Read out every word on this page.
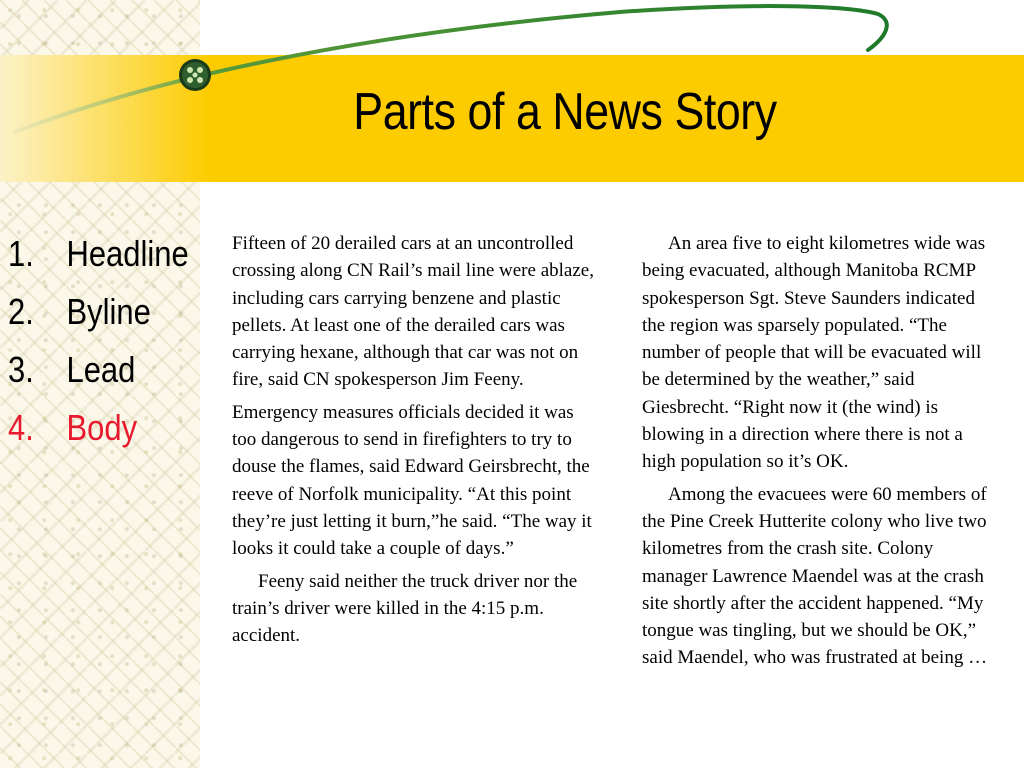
Parts of a News Story
1. Headline
2. Byline
3. Lead
4. Body

Fifteen of 20 derailed cars at an uncontrolled crossing along CN Rail’s mail line were ablaze, including cars carrying benzene and plastic pellets. At least one of the derailed cars was carrying hexane, although that car was not on fire, said CN spokesperson Jim Feeny.

Emergency measures officials decided it was too dangerous to send in firefighters to try to douse the flames, said Edward Geirsbrecht, the reeve of Norfolk municipality. “At this point they’re just letting it burn,”he said. “The way it looks it could take a couple of days.”

Feeny said neither the truck driver nor the train’s driver were killed in the 4:15 p.m. accident.

An area five to eight kilometres wide was being evacuated, although Manitoba RCMP spokesperson Sgt. Steve Saunders indicated the region was sparsely populated. “The number of people that will be evacuated will be determined by the weather,” said Giesbrecht. “Right now it (the wind) is blowing in a direction where there is not a high population so it’s OK.

Among the evacuees were 60 members of the Pine Creek Hutterite colony who live two kilometres from the crash site. Colony manager Lawrence Maendel was at the crash site shortly after the accident happened. “My tongue was tingling, but we should be OK,” said Maendel, who was frustrated at being …
